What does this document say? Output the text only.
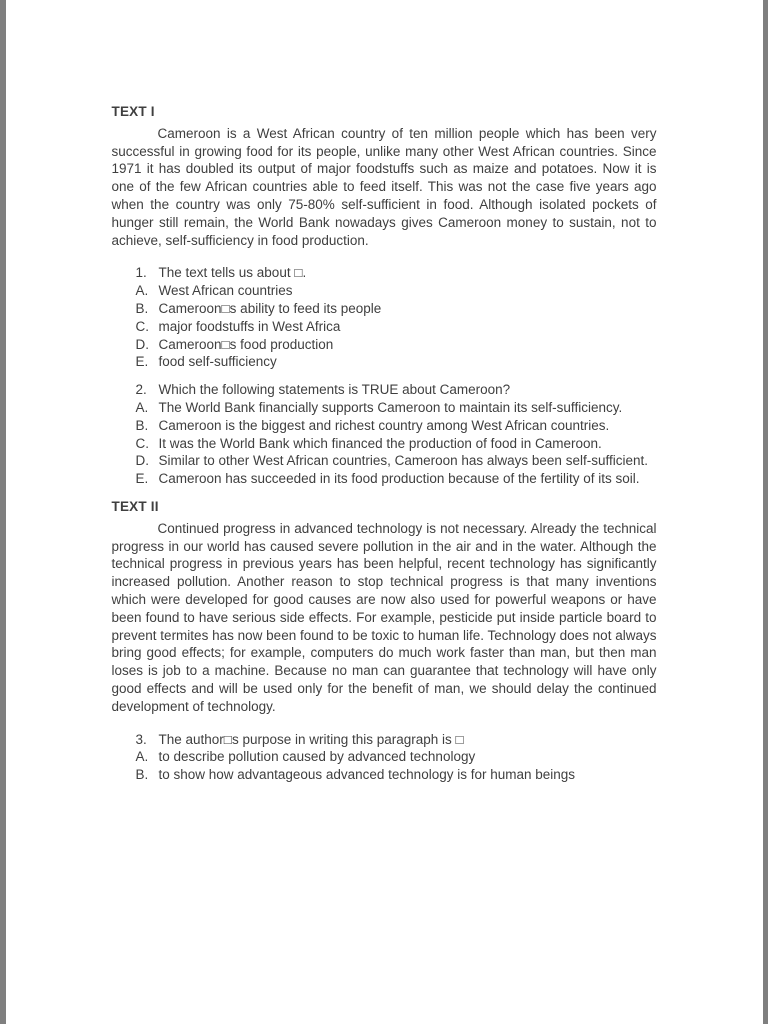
TEXT I

Cameroon is a West African country of ten million people which has been very successful in growing food for its people, unlike many other West African countries. Since 1971 it has doubled its output of major foodstuffs such as maize and potatoes. Now it is one of the few African countries able to feed itself. This was not the case five years ago when the country was only 75-80% self-sufficient in food. Although isolated pockets of hunger still remain, the World Bank nowadays gives Cameroon money to sustain, not to achieve, self-sufficiency in food production.

1. The text tells us about □.
A. West African countries
B. Cameroon□s ability to feed its people
C. major foodstuffs in West Africa
D. Cameroon□s food production
E. food self-sufficiency
2. Which the following statements is TRUE about Cameroon?
A. The World Bank financially supports Cameroon to maintain its self-sufficiency.
B. Cameroon is the biggest and richest country among West African countries.
C. It was the World Bank which financed the production of food in Cameroon.
D. Similar to other West African countries, Cameroon has always been self-sufficient.
E. Cameroon has succeeded in its food production because of the fertility of its soil.
TEXT II

Continued progress in advanced technology is not necessary. Already the technical progress in our world has caused severe pollution in the air and in the water. Although the technical progress in previous years has been helpful, recent technology has significantly increased pollution. Another reason to stop technical progress is that many inventions which were developed for good causes are now also used for powerful weapons or have been found to have serious side effects. For example, pesticide put inside particle board to prevent termites has now been found to be toxic to human life. Technology does not always bring good effects; for example, computers do much work faster than man, but then man loses is job to a machine. Because no man can guarantee that technology will have only good effects and will be used only for the benefit of man, we should delay the continued development of technology.

3. The author□s purpose in writing this paragraph is □
A. to describe pollution caused by advanced technology
B. to show how advantageous advanced technology is for human beings
